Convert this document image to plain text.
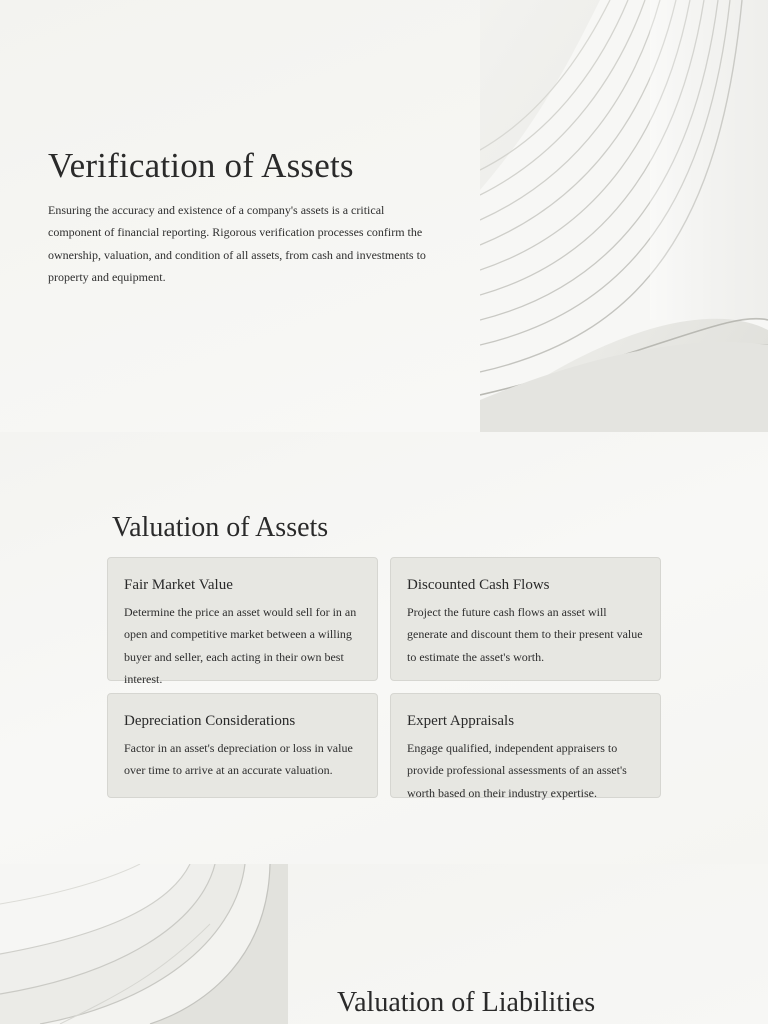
Verification of Assets

Ensuring the accuracy and existence of a company's assets is a critical component of financial reporting. Rigorous verification processes confirm the ownership, valuation, and condition of all assets, from cash and investments to property and equipment.

Valuation of Assets
Fair Market Value

Determine the price an asset would sell for in an open and competitive market between a willing buyer and seller, each acting in their own best interest.

Discounted Cash Flows

Project the future cash flows an asset will generate and discount them to their present value to estimate the asset's worth.

Depreciation Considerations

Factor in an asset's depreciation or loss in value over time to arrive at an accurate valuation.

Expert Appraisals

Engage qualified, independent appraisers to provide professional assessments of an asset's worth based on their industry expertise.

Valuation of Liabilities
